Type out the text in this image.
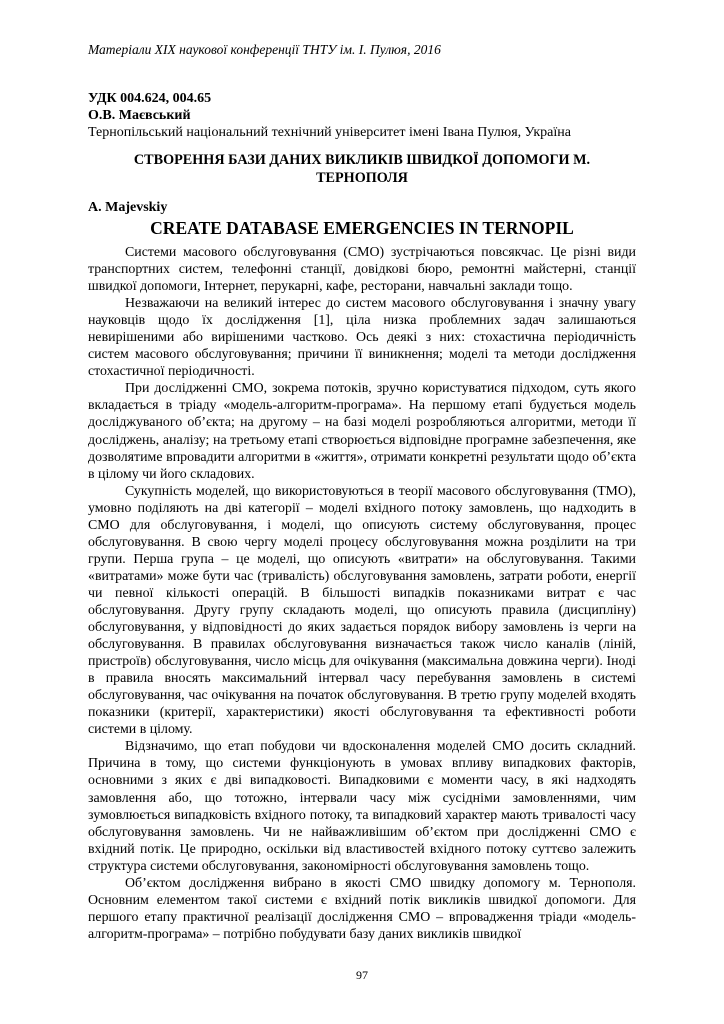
Матеріали XIX наукової конференції ТНТУ ім. І. Пулюя, 2016
УДК 004.624, 004.65
О.В. Маєвський
Тернопільський національний технічний університет імені Івана Пулюя, Україна
СТВОРЕННЯ БАЗИ ДАНИХ ВИКЛИКІВ ШВИДКОЇ ДОПОМОГИ М. ТЕРНОПОЛЯ
A. Majevskiy
CREATE DATABASE EMERGENCIES IN TERNOPIL

Системи масового обслуговування (СМО) зустрічаються повсякчас. Це різні види транспортних систем, телефонні станції, довідкові бюро, ремонтні майстерні, станції швидкої допомоги, Інтернет, перукарні, кафе, ресторани, навчальні заклади тощо.

Незважаючи на великий інтерес до систем масового обслуговування і значну увагу науковців щодо їх дослідження [1], ціла низка проблемних задач залишаються невирішеними або вирішеними частково. Ось деякі з них: стохастична періодичність систем масового обслуговування; причини її виникнення; моделі та методи дослідження стохастичної періодичності.

При дослідженні СМО, зокрема потоків, зручно користуватися підходом, суть якого вкладається в тріаду «модель-алгоритм-програма». На першому етапі будується модель досліджуваного об’єкта; на другому – на базі моделі розробляються алгоритми, методи її досліджень, аналізу; на третьому етапі створюється відповідне програмне забезпечення, яке дозволятиме впровадити алгоритми в «життя», отримати конкретні результати щодо об’єкта в цілому чи його складових.

Сукупність моделей, що використовуються в теорії масового обслуговування (ТМО), умовно поділяють на дві категорії – моделі вхідного потоку замовлень, що надходить в СМО для обслуговування, і моделі, що описують систему обслуговування, процес обслуговування. В свою чергу моделі процесу обслуговування можна розділити на три групи. Перша група – це моделі, що описують «витрати» на обслуговування. Такими «витратами» може бути час (тривалість) обслуговування замовлень, затрати роботи, енергії чи певної кількості операцій. В більшості випадків показниками витрат є час обслуговування. Другу групу складають моделі, що описують правила (дисципліну) обслуговування, у відповідності до яких задається порядок вибору замовлень із черги на обслуговування. В правилах обслуговування визначається також число каналів (ліній, пристроїв) обслуговування, число місць для очікування (максимальна довжина черги). Іноді в правила вносять максимальний інтервал часу перебування замовлень в системі обслуговування, час очікування на початок обслуговування. В третю групу моделей входять показники (критерії, характеристики) якості обслуговування та ефективності роботи системи в цілому.

Відзначимо, що етап побудови чи вдосконалення моделей СМО досить складний. Причина в тому, що системи функціонують в умовах впливу випадкових факторів, основними з яких є дві випадковості. Випадковими є моменти часу, в які надходять замовлення або, що тотожно, інтервали часу між сусідніми замовленнями, чим зумовлюється випадковість вхідного потоку, та випадковий характер мають тривалості часу обслуговування замовлень. Чи не найважливішим об’єктом при дослідженні СМО є вхідний потік. Це природно, оскільки від властивостей вхідного потоку суттєво залежить структура системи обслуговування, закономірності обслуговування замовлень тощо.

Об’єктом дослідження вибрано в якості СМО швидку допомогу м. Тернополя. Основним елементом такої системи є вхідний потік викликів швидкої допомоги. Для першого етапу практичної реалізації дослідження СМО – впровадження тріади «модель-алгоритм-програма» – потрібно побудувати базу даних викликів швидкої

97
